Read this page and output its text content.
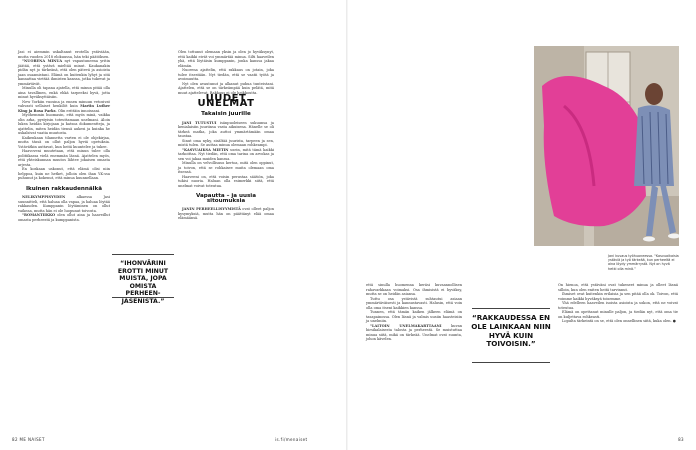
Jasi ei aiemmin uskaltanut erotella ystäviään, mutta vuoden 2018 elokuussa, hän teki päätöksen.

“NUORENA MINUA nyt vapautuneena yritin jäätää, että ystävä mieltää minut. Kaukanakin pidän nyt jo tärkeänä, että olen pätevä ja asioista jaan osaamistani. Elämä on kuitenkin lyhyt ja sitä kannattaa viettää ihmisten kanssa, jotka tukevat ja ymmärtävät.

Minulla oli tapana ajatella, että minun pitää olla aina tavallinen, enkä ehkä tarpeeksi hyvä, jotta minut hyväksyttäisiin.

New Yorkiin vuosina ja ennen minuun vetosivat vahvasti sellaiset henkilöt kuin Martin Luther King ja Rosa Parks. Olin erittäin innoissani.

Myöhemmin huomasin, että myös minä, vaikka olin arka, pystyisin toteuttamaan unelmani. Aloin lukea heidän kirjojaan ja katsoa dokumentteja, ja ajattelin, miten heidän tiensä aukesi ja kuinka he uskalsivat vaatia muutosta.

Kaikenkaan tilannetta varten ei ole ohjekirjaa, mutta tässä on ollut paljon hyviä opetuksia. Ystävätkin auttavat, kun heitä kuuntelee ja tukee.

Haavoveni muutetaan, että minun tulee olla politiikassa vielä enemmän läsnä. Ajattelen myös, että yhteiskunnan muutos lähtee jokaisen omasta arjesta.

En koskaan uskonut, että elämä olisi niin helppoa, kuin ne hetket, jolloin olen ihan YK:ssa puhunut ja kokenut, että minua kuunnellaan.

Ikuinen rakkaudennälkä

NELIKYMPPISYYDEN alkaessa Jasi suunnitteli, että haluaa olla vapaa, ja haluaa löytää rakkauden. Kumppanin löytäminen on ollut vaikeaa, mutta hän ei ole luopunut toivosta.

“ROMANTIIKKO olen ollut aina ja haaveillut omasta perheestä ja kumppanista.

“IHONVÄRINI EROTTI MINUT MUISTA, JOPA OMISTA PERHEEN-JÄSENISTÄ.”

Olen tottunut olemaan yksin ja olen jo hyväksynyt, että kaikki eivät voi ymmärtää minua. Silti haaveilen yhä, että löytäisin kumppanin, jonka kanssa jakaa elämän.

Nuorena ajattelin, että rakkaus on jotain, joka tulee itsestään. Nyt tiedän, että se vaatii työtä ja avoimuutta.

Nyt olen avautunut ja alkanut puhua tunteistani. Ajattelen, että se on tärkeämpää kuin pelätä, mitä muut ajattelevat. Rakkaus ei ole heikkoutta.

UUDET UNELMAT
Takaisin juurille

JANI TUTUSTUI isänpuoleiseen sukuunsa ja kenialaisiin juuriinsa vasta aikuisena. Hänelle se oli tärkeä matka, joka auttoi ymmärtämään omaa taustaa.

Sinut oma nyky, sisältää juurista, tarpeen ja sen, mistä tulen. Se auttaa minua olemaan rohkeampi.

“KASVUAIKSA MIETIN usein, mitä tämä kaikki tarkoittaa. Nyt tiedän, että oma tarina on arvokas ja sen voi jakaa muiden kanssa.

Minulla on velvollisuus kertoa, mitä olen oppinut, ja toivon, että se rohkaisee muita olemaan oma itsensä.

Haaveeni on, että voisin perustaa säätiön, joka tukisi nuoria. Haluan olla esimerkki siitä, että unelmat voivat toteutua.

Vapautta – ja uusia sitoumuksia

JANIN PERHEELLISYYMISTÄ ovat olleet paljon kysymyksiä, mutta hän on päättänyt elää omaa elämäänsä.

82 ME NAISET	is.fi/menaiset
Jani kuvaus työhuoneessa. “Kasvuaikaisia ystäviä ja työ tärkeää, kun perheeltä ei aina löydy ymmärrystä. Nyt on hyvä hetki olla minä.”

että sinulla huomenna keräsi kuvaannollisen rahavarkkaan voimaksi. Osa ihmisistä ei hyväksy, mutta se on heidän asiansa.

Tuttu osa ystävistä suhtautui asiaan ymmärtäväisesti ja kannustavasti. Halusin, että voin olla oma itseni kaikkien kanssa.

Tunnen, että tämän kaiken jälkeen elämä on tasapainossa. Olen läsnä ja valmis uusiin haasteisiin ja unelmiin.

“LAITOIN UNELMAKARTTAANI kuvan hirsikalaisesta talosta ja perheestä. Se muistuttaa minua siitä, mikä on tärkeää. Unelmat ovat suunta, johon kävelen.

“RAKKAUDESSA EN OLE LAINKAAN NIIN HYVÄ KUIN TOIVOISIN.”

On hienoa, että ystäväni ovat tukeneet minua ja olleet läsnä silloin, kun olen eniten heitä tarvinnut.

Ihmiset ovat kuitenkin erilaisia ja sen pitää olla ok. Toivon, että voimme kaikki hyväksyä toisemme.

Yhä edelleen haaveilen isoista asioista ja uskon, että ne voivat toteutua.

Elämä on opettanut minulle paljon, ja tiedän nyt, että oma tie on kuljettava rohkeasti.

Lopulta tärkeintä on se, että olen onnellinen siitä, kuka olen. ●

83
